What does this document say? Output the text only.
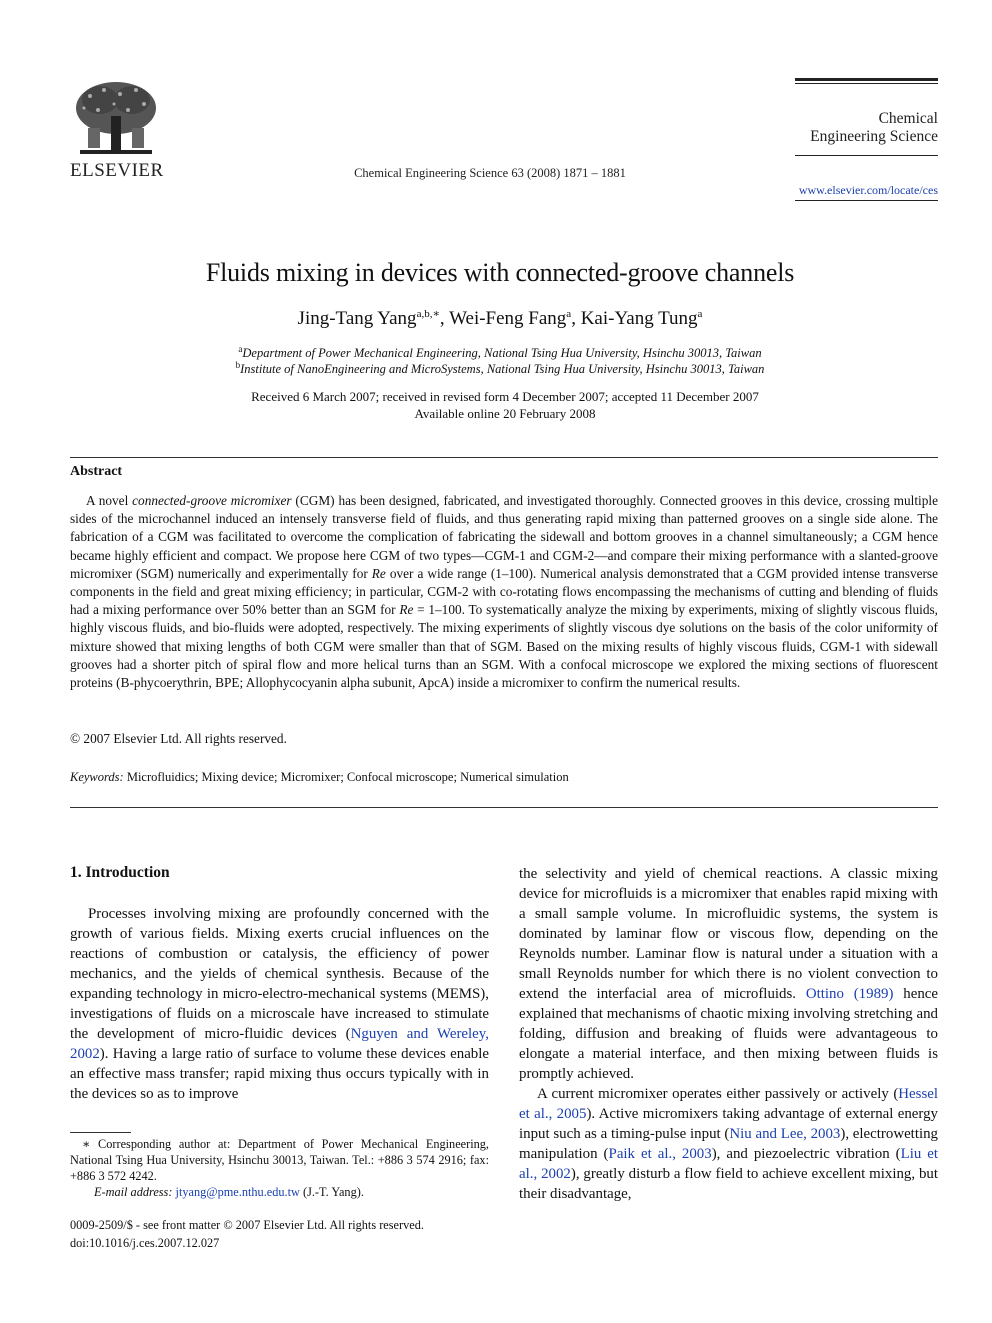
ELSEVIER	Chemical Engineering Science 63 (2008) 1871 – 1881
Chemical
Engineering Science
www.elsevier.com/locate/ces
Fluids mixing in devices with connected-groove channels
Jing-Tang Yang$^{a,b,∗}$, Wei-Feng Fang$^a$, Kai-Yang Tung$^a$
$^a$Department of Power Mechanical Engineering, National Tsing Hua University, Hsinchu 30013, Taiwan
$^b$Institute of NanoEngineering and MicroSystems, National Tsing Hua University, Hsinchu 30013, Taiwan
Received 6 March 2007; received in revised form 4 December 2007; accepted 11 December 2007
Available online 20 February 2008
Abstract
A novel connected-groove micromixer (CGM) has been designed, fabricated, and investigated thoroughly. Connected grooves in this device, crossing multiple sides of the microchannel induced an intensely transverse field of fluids, and thus generating rapid mixing than patterned grooves on a single side alone. The fabrication of a CGM was facilitated to overcome the complication of fabricating the sidewall and bottom grooves in a channel simultaneously; a CGM hence became highly efficient and compact. We propose here CGM of two types—CGM-1 and CGM-2—and compare their mixing performance with a slanted-groove micromixer (SGM) numerically and experimentally for Re over a wide range (1–100). Numerical analysis demonstrated that a CGM provided intense transverse components in the field and great mixing efficiency; in particular, CGM-2 with co-rotating flows encompassing the mechanisms of cutting and blending of fluids had a mixing performance over 50% better than an SGM for Re = 1–100. To systematically analyze the mixing by experiments, mixing of slightly viscous fluids, highly viscous fluids, and bio-fluids were adopted, respectively. The mixing experiments of slightly viscous dye solutions on the basis of the color uniformity of mixture showed that mixing lengths of both CGM were smaller than that of SGM. Based on the mixing results of highly viscous fluids, CGM-1 with sidewall grooves had a shorter pitch of spiral flow and more helical turns than an SGM. With a confocal microscope we explored the mixing sections of fluorescent proteins (B-phycoerythrin, BPE; Allophycocyanin alpha subunit, ApcA) inside a micromixer to confirm the numerical results.
© 2007 Elsevier Ltd. All rights reserved.
Keywords: Microfluidics; Mixing device; Micromixer; Confocal microscope; Numerical simulation
1. Introduction
Processes involving mixing are profoundly concerned with the growth of various fields. Mixing exerts crucial influences on the reactions of combustion or catalysis, the efficiency of power mechanics, and the yields of chemical synthesis. Because of the expanding technology in micro-electro-mechanical systems (MEMS), investigations of fluids on a microscale have increased to stimulate the development of micro-fluidic devices (Nguyen and Wereley, 2002). Having a large ratio of surface to volume these devices enable an effective mass transfer; rapid mixing thus occurs typically with in the devices so as to improve

the selectivity and yield of chemical reactions. A classic mixing device for microfluids is a micromixer that enables rapid mixing with a small sample volume. In microfluidic systems, the system is dominated by laminar flow or viscous flow, depending on the Reynolds number. Laminar flow is natural under a situation with a small Reynolds number for which there is no violent convection to extend the interfacial area of microfluids. Ottino (1989) hence explained that mechanisms of chaotic mixing involving stretching and folding, diffusion and breaking of fluids were advantageous to elongate a material interface, and then mixing between fluids is promptly achieved.

A current micromixer operates either passively or actively (Hessel et al., 2005). Active micromixers taking advantage of external energy input such as a timing-pulse input (Niu and Lee, 2003), electrowetting manipulation (Paik et al., 2003), and piezoelectric vibration (Liu et al., 2002), greatly disturb a flow field to achieve excellent mixing, but their disadvantage,

∗ Corresponding author at: Department of Power Mechanical Engineering, National Tsing Hua University, Hsinchu 30013, Taiwan. Tel.: +886 3 574 2916; fax: +886 3 572 4242.
E-mail address: jtyang@pme.nthu.edu.tw (J.-T. Yang).
0009-2509/$ - see front matter © 2007 Elsevier Ltd. All rights reserved.
doi:10.1016/j.ces.2007.12.027
